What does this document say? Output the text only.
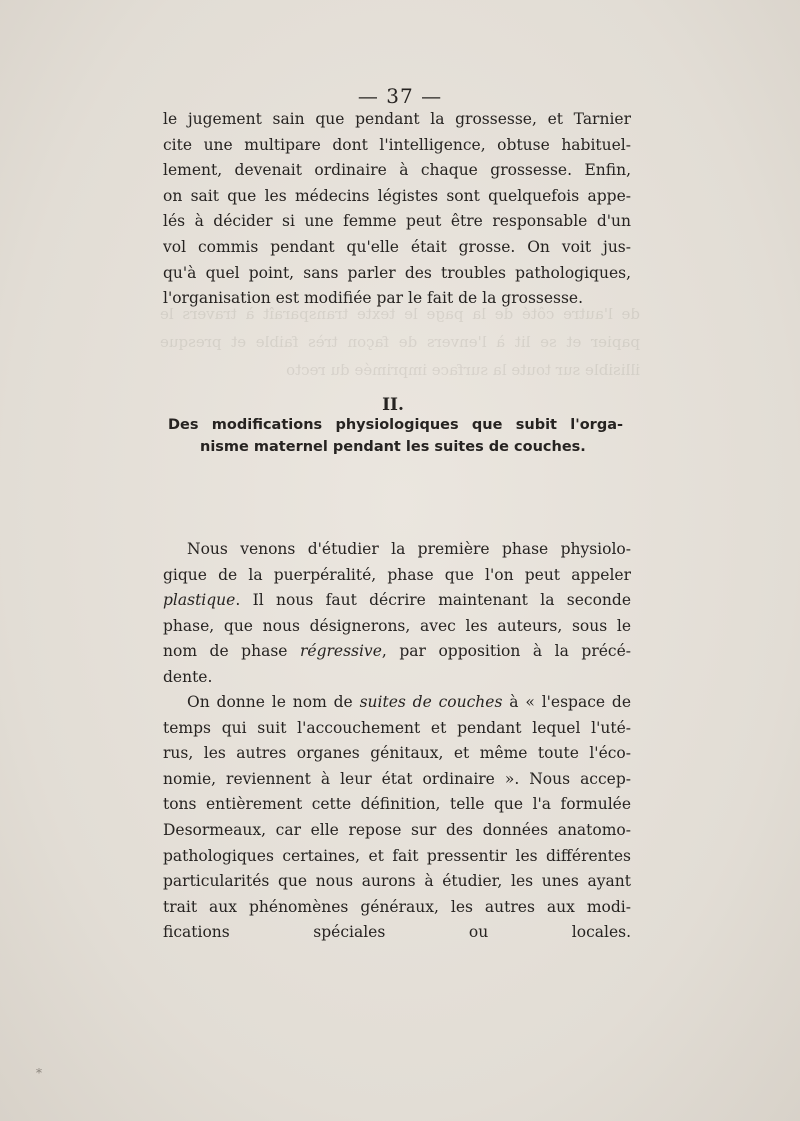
de l'autre côté de la page le texte transparaît à travers le papier et se lit à l'envers de façon très faible et presque illisible sur toute la surface imprimée du recto
— 37 —

le jugement sain que pendant la grossesse, et Tarnier

cite une multipare dont l'intelligence, obtuse habituel-

lement, devenait ordinaire à chaque grossesse. Enfin,

on sait que les médecins légistes sont quelquefois appe-

lés à décider si une femme peut être responsable d'un

vol commis pendant qu'elle était grosse. On voit jus-

qu'à quel point, sans parler des troubles pathologiques,

l'organisation est modifiée par le fait de la grossesse.

II.

Des modifications physiologiques que subit l'orga-

nisme maternel pendant les suites de couches.

Nous venons d'étudier la première phase physiolo-

gique de la puerpéralité, phase que l'on peut appeler

plastique. Il nous faut décrire maintenant la seconde

phase, que nous désignerons, avec les auteurs, sous le

nom de phase régressive, par opposition à la précé-

dente.

On donne le nom de suites de couches à « l'espace de

temps qui suit l'accouchement et pendant lequel l'uté-

rus, les autres organes génitaux, et même toute l'éco-

nomie, reviennent à leur état ordinaire ». Nous accep-

tons entièrement cette définition, telle que l'a formulée

Desormeaux, car elle repose sur des données anatomo-

pathologiques certaines, et fait pressentir les différentes

particularités que nous aurons à étudier, les unes ayant

trait aux phénomènes généraux, les autres aux modi-

fications spéciales ou locales.

*
